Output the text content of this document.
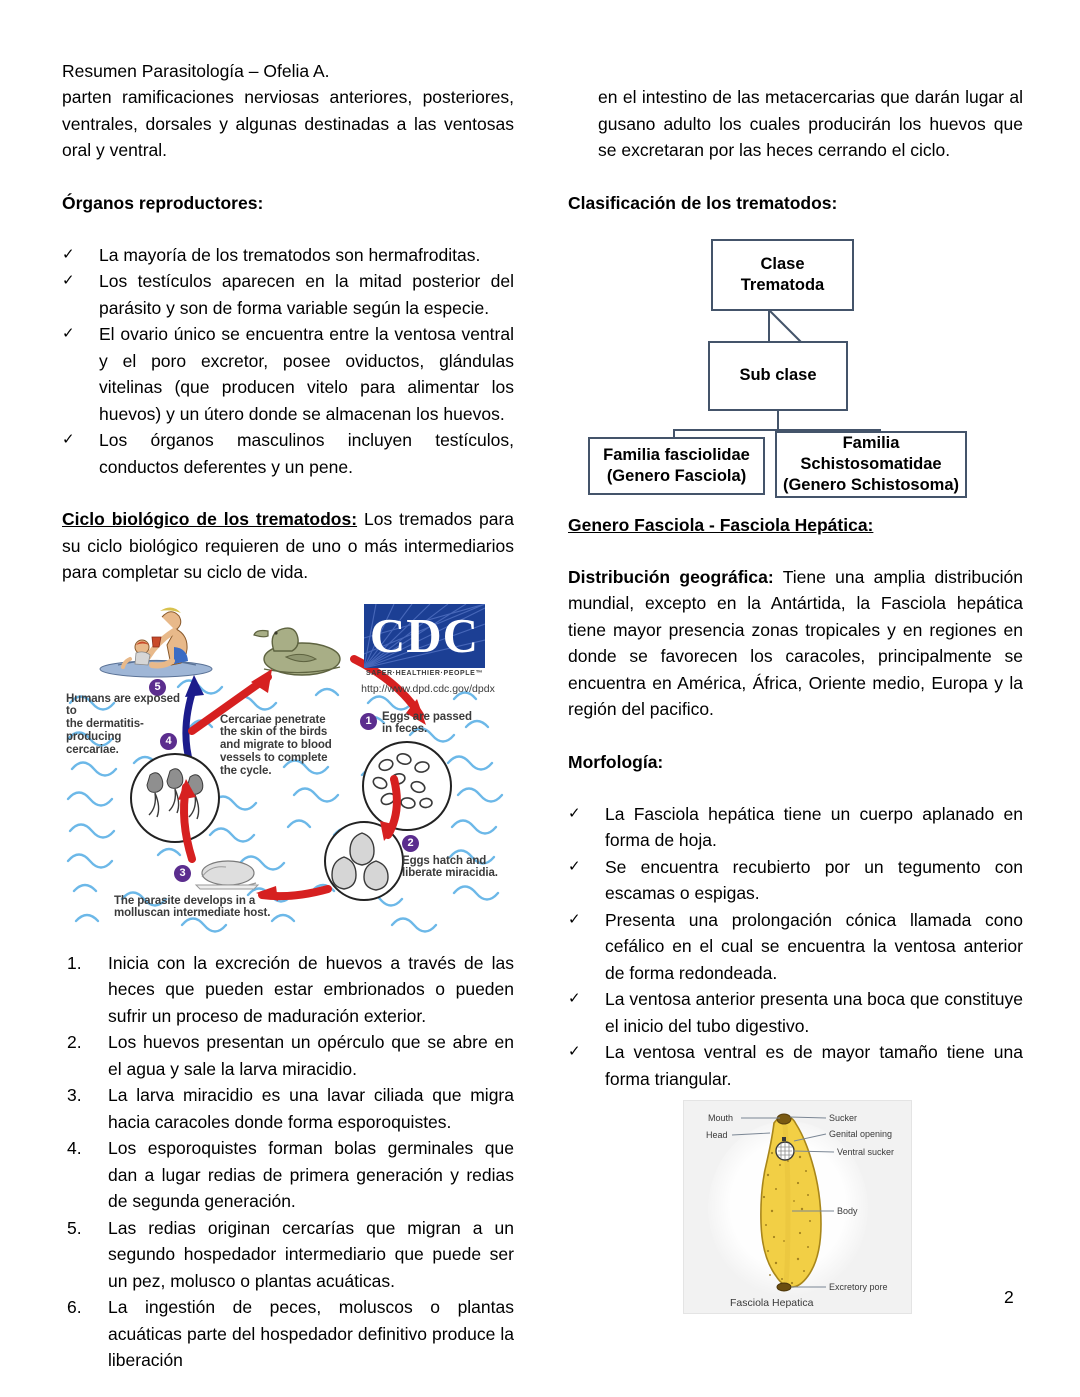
Resumen Parasitología – Ofelia A.

parten ramificaciones nerviosas anteriores, posteriores, ventrales, dorsales y algunas destinadas a las ventosas oral y ventral.

Órganos reproductores:
✓ La mayoría de los trematodos son hermafroditas.
✓ Los testículos aparecen en la mitad posterior del parásito y son de forma variable según la especie.
✓ El ovario único se encuentra entre la ventosa ventral y el poro excretor, posee oviductos, glándulas vitelinas (que producen vitelo para alimentar los huevos) y un útero donde se almacenan los huevos.
✓ Los órganos masculinos incluyen testículos, conductos deferentes y un pene.

Ciclo biológico de los trematodos: Los tremados para su ciclo biológico requieren de uno o más intermediarios para completar su ciclo de vida.

5
Humans are exposed to
the dermatitis-producing
cercariae.
Cercariae penetrate
the skin of the birds
and migrate to blood
vessels to complete
the cycle.
4
1 Eggs are passed
in feces.
2
Eggs hatch and
liberate miracidia.
3
The parasite develops in a
molluscan intermediate host.
CDC
SAFER·HEALTHIER·PEOPLE™
http://www.dpd.cdc.gov/dpdx
1.	Inicia con la excreción de huevos a través de las heces que pueden estar embrionados o pueden sufrir un proceso de maduración exterior.
2.	Los huevos presentan un opérculo que se abre en el agua y sale la larva miracidio.
3.	La larva miracidio es una lavar ciliada que migra hacia caracoles donde forma esporoquistes.
4.	Los esporoquistes forman bolas germinales que dan a lugar redias de primera generación y redias de segunda generación.
5.	Las redias originan cercarías que migran a un segundo hospedador intermediario que puede ser un pez, molusco o plantas acuáticas.
6.	La ingestión de peces, moluscos o plantas acuáticas parte del hospedador definitivo produce la liberación

en el intestino de las metacercarias que darán lugar al gusano adulto los cuales producirán los huevos que se excretaran por las heces cerrando el ciclo.

Clasificación de los trematodos:
Clase
Trematoda
Sub clase
Familia fasciolidae
(Genero Fasciola)
Familia
Schistosomatidae
(Genero Schistosoma)
Genero Fasciola - Fasciola Hepática:

Distribución geográfica: Tiene una amplia distribución mundial, excepto en la Antártida, la Fasciola hepática tiene mayor presencia zonas tropicales y en regiones en donde se favorecen los caracoles, principalmente se encuentra en América, África, Oriente medio, Europa y la región del pacifico.

Morfología:
✓ La Fasciola hepática tiene un cuerpo aplanado en forma de hoja.
✓ Se encuentra recubierto por un tegumento con escamas o espigas.
✓ Presenta una prolongación cónica llamada cono cefálico en el cual se encuentra la ventosa anterior de forma redondeada.
✓ La ventosa anterior presenta una boca que constituye el inicio del tubo digestivo.
✓ La ventosa ventral es de mayor tamaño tiene una forma triangular.
Mouth
Head
Sucker
Genital opening
Ventral sucker
Body
Excretory pore
Fasciola Hepatica	2
